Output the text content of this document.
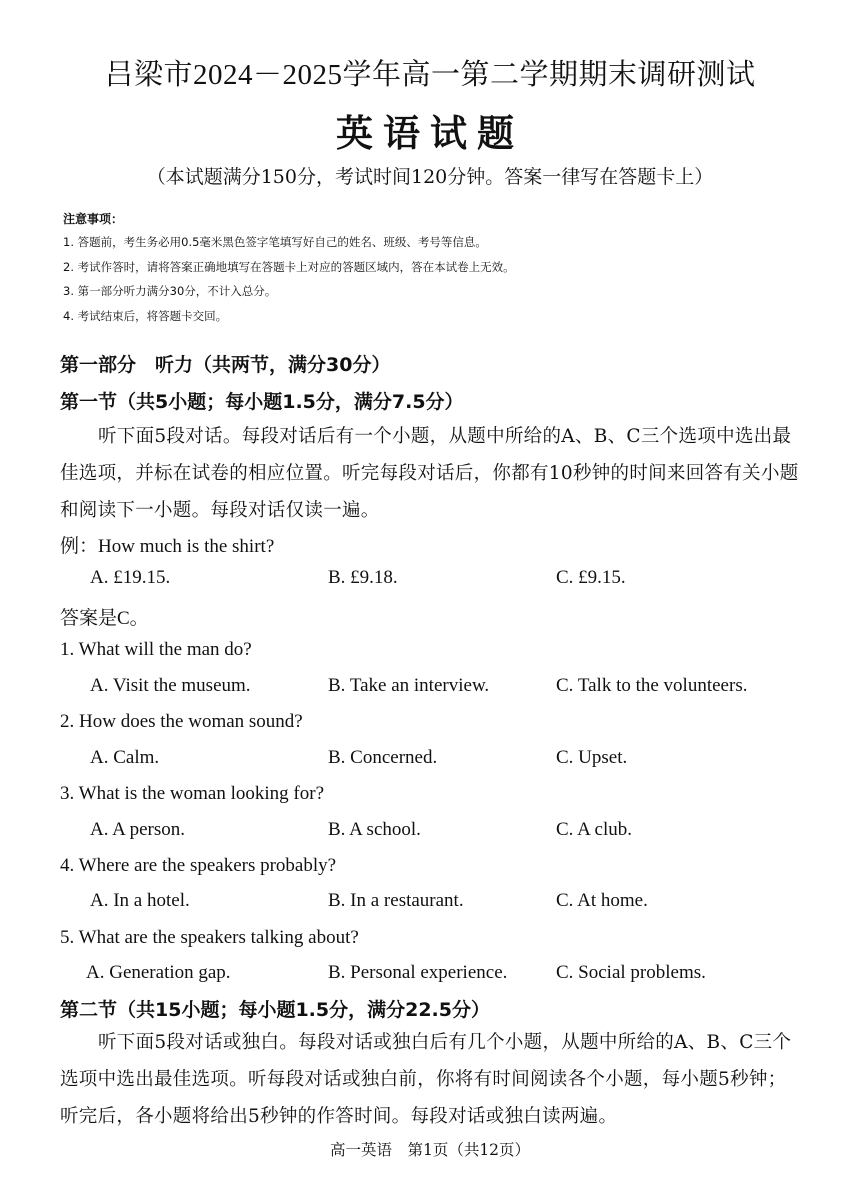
吕梁市2024－2025学年高一第二学期期末调研测试
英语试题
（本试题满分150分，考试时间120分钟。答案一律写在答题卡上）
注意事项：
1. 答题前，考生务必用0.5毫米黑色签字笔填写好自己的姓名、班级、考号等信息。
2. 考试作答时，请将答案正确地填写在答题卡上对应的答题区域内，答在本试卷上无效。
3. 第一部分听力满分30分，不计入总分。
4. 考试结束后，将答题卡交回。
第一部分　听力（共两节，满分30分）
第一节（共5小题；每小题1.5分，满分7.5分）
听下面5段对话。每段对话后有一个小题，从题中所给的A、B、C三个选项中选出最佳选项，并标在试卷的相应位置。听完每段对话后，你都有10秒钟的时间来回答有关小题和阅读下一小题。每段对话仅读一遍。
例：How much is the shirt?
A. £19.15.	B. £9.18.	C. £9.15.
答案是C。
1. What will the man do?
A. Visit the museum.	B. Take an interview.	C. Talk to the volunteers.
2. How does the woman sound?
A. Calm.	B. Concerned.	C. Upset.
3. What is the woman looking for?
A. A person.	B. A school.	C. A club.
4. Where are the speakers probably?
A. In a hotel.	B. In a restaurant.	C. At home.
5. What are the speakers talking about?
A. Generation gap.	B. Personal experience.	C. Social problems.
第二节（共15小题；每小题1.5分，满分22.5分）
听下面5段对话或独白。每段对话或独白后有几个小题，从题中所给的A、B、C三个选项中选出最佳选项。听每段对话或独白前，你将有时间阅读各个小题，每小题5秒钟；听完后，各小题将给出5秒钟的作答时间。每段对话或独白读两遍。
高一英语　第1页（共12页）
